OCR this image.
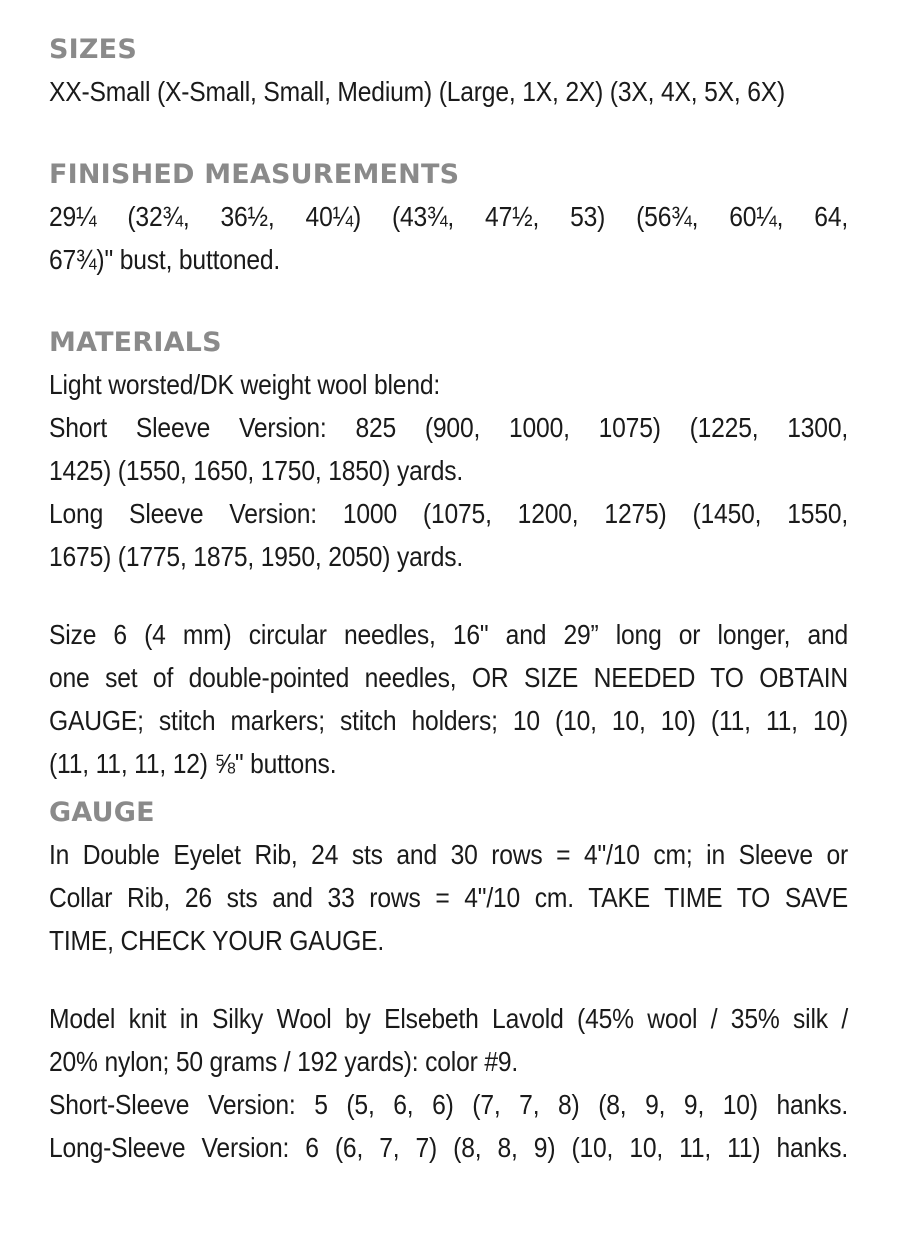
SIZES
XX-Small (X-Small, Small, Medium) (Large, 1X, 2X) (3X, 4X, 5X, 6X)
FINISHED MEASUREMENTS
29¼ (32¾, 36½, 40¼) (43¾, 47½, 53) (56¾, 60¼, 64,
67¾)" bust, buttoned.
MATERIALS
Light worsted/DK weight wool blend:
Short Sleeve Version: 825 (900, 1000, 1075) (1225, 1300,
1425) (1550, 1650, 1750, 1850) yards.
Long Sleeve Version: 1000 (1075, 1200, 1275) (1450, 1550,
1675) (1775, 1875, 1950, 2050) yards.
Size 6 (4 mm) circular needles, 16" and 29” long or longer, and
one set of double-pointed needles, OR SIZE NEEDED TO OBTAIN
GAUGE; stitch markers; stitch holders; 10 (10, 10, 10) (11, 11, 10)
(11, 11, 11, 12) ⅝" buttons.
GAUGE
In Double Eyelet Rib, 24 sts and 30 rows = 4"/10 cm; in Sleeve or
Collar Rib, 26 sts and 33 rows = 4"/10 cm. TAKE TIME TO SAVE
TIME, CHECK YOUR GAUGE.
Model knit in Silky Wool by Elsebeth Lavold (45% wool / 35% silk /
20% nylon; 50 grams / 192 yards): color #9.
Short-Sleeve Version: 5 (5, 6, 6) (7, 7, 8) (8, 9, 9, 10) hanks.
Long-Sleeve Version: 6 (6, 7, 7) (8, 8, 9) (10, 10, 11, 11) hanks.
